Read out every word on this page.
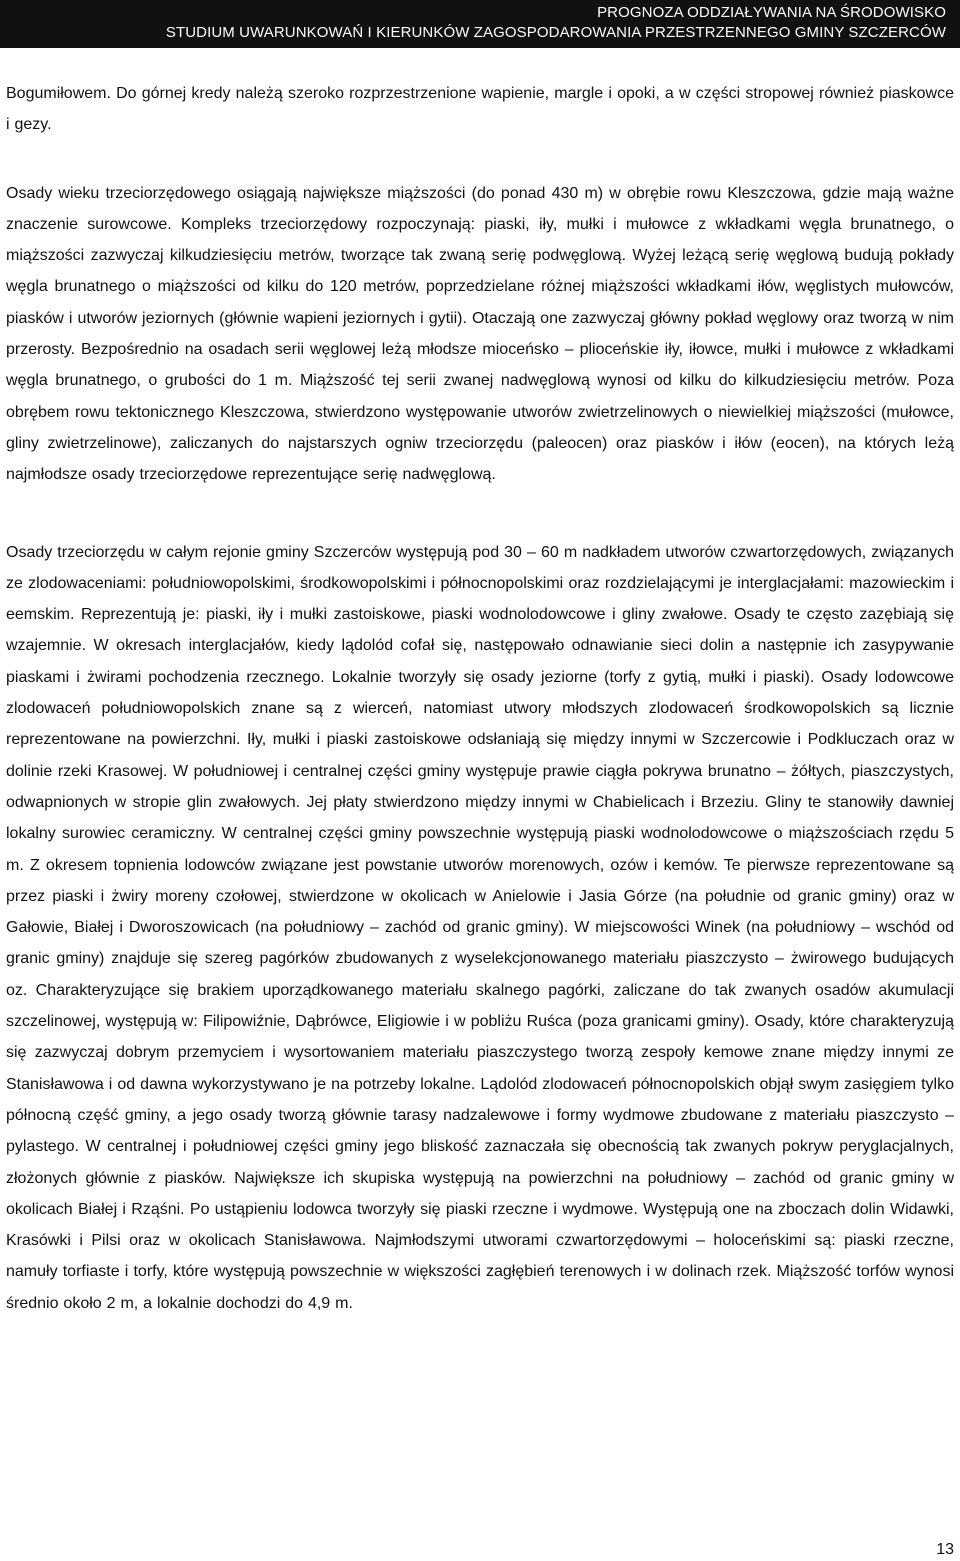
PROGNOZA ODDZIAŁYWANIA NA ŚRODOWISKO
STUDIUM UWARUNKOWAŃ I KIERUNKÓW ZAGOSPODAROWANIA PRZESTRZENNEGO GMINY SZCZERCÓW

Bogumiłowem. Do górnej kredy należą szeroko rozprzestrzenione wapienie, margle i opoki, a w części stropowej również piaskowce i gezy.

Osady wieku trzeciorzędowego osiągają największe miąższości (do ponad 430 m) w obrębie rowu Kleszczowa, gdzie mają ważne znaczenie surowcowe. Kompleks trzeciorzędowy rozpoczynają: piaski, iły, mułki i mułowce z wkładkami węgla brunatnego, o miąższości zazwyczaj kilkudziesięciu metrów, tworzące tak zwaną serię podwęglową. Wyżej leżącą serię węglową budują pokłady węgla brunatnego o miąższości od kilku do 120 metrów, poprzedzielane różnej miąższości wkładkami iłów, węglistych mułowców, piasków i utworów jeziornych (głównie wapieni jeziornych i gytii). Otaczają one zazwyczaj główny pokład węglowy oraz tworzą w nim przerosty. Bezpośrednio na osadach serii węglowej leżą młodsze mioceńsko – plioceńskie iły, iłowce, mułki i mułowce z wkładkami węgla brunatnego, o grubości do 1 m. Miąższość tej serii zwanej nadwęglową wynosi od kilku do kilkudziesięciu metrów. Poza obrębem rowu tektonicznego Kleszczowa, stwierdzono występowanie utworów zwietrzelinowych o niewielkiej miąższości (mułowce, gliny zwietrzelinowe), zaliczanych do najstarszych ogniw trzeciorzędu (paleocen) oraz piasków i iłów (eocen), na których leżą najmłodsze osady trzeciorzędowe reprezentujące serię nadwęglową.

Osady trzeciorzędu w całym rejonie gminy Szczerców występują pod 30 – 60 m nadkładem utworów czwartorzędowych, związanych ze zlodowaceniami: południowopolskimi, środkowopolskimi i północnopolskimi oraz rozdzielającymi je interglacjałami: mazowieckim i eemskim. Reprezentują je: piaski, iły i mułki zastoiskowe, piaski wodnolodowcowe i gliny zwałowe. Osady te często zazębiają się wzajemnie. W okresach interglacjałów, kiedy lądolód cofał się, następowało odnawianie sieci dolin a następnie ich zasypywanie piaskami i żwirami pochodzenia rzecznego. Lokalnie tworzyły się osady jeziorne (torfy z gytią, mułki i piaski). Osady lodowcowe zlodowaceń południowopolskich znane są z wierceń, natomiast utwory młodszych zlodowaceń środkowopolskich są licznie reprezentowane na powierzchni. Iły, mułki i piaski zastoiskowe odsłaniają się między innymi w Szczercowie i Podkluczach oraz w dolinie rzeki Krasowej. W południowej i centralnej części gminy występuje prawie ciągła pokrywa brunatno – żółtych, piaszczystych, odwapnionych w stropie glin zwałowych. Jej płaty stwierdzono między innymi w Chabielicach i Brzeziu. Gliny te stanowiły dawniej lokalny surowiec ceramiczny. W centralnej części gminy powszechnie występują piaski wodnolodowcowe o miąższościach rzędu 5 m. Z okresem topnienia lodowców związane jest powstanie utworów morenowych, ozów i kemów. Te pierwsze reprezentowane są przez piaski i żwiry moreny czołowej, stwierdzone w okolicach w Anielowie i Jasia Górze (na południe od granic gminy) oraz w Gałowie, Białej i Dworoszowicach (na południowy – zachód od granic gminy). W miejscowości Winek (na południowy – wschód od granic gminy) znajduje się szereg pagórków zbudowanych z wyselekcjonowanego materiału piaszczysto – żwirowego budujących oz. Charakteryzujące się brakiem uporządkowanego materiału skalnego pagórki, zaliczane do tak zwanych osadów akumulacji szczelinowej, występują w: Filipowiźnie, Dąbrówce, Eligiowie i w pobliżu Ruśca (poza granicami gminy). Osady, które charakteryzują się zazwyczaj dobrym przemyciem i wysortowaniem materiału piaszczystego tworzą zespoły kemowe znane między innymi ze Stanisławowa i od dawna wykorzystywano je na potrzeby lokalne. Lądolód zlodowaceń północnopolskich objął swym zasięgiem tylko północną część gminy, a jego osady tworzą głównie tarasy nadzalewowe i formy wydmowe zbudowane z materiału piaszczysto – pylastego. W centralnej i południowej części gminy jego bliskość zaznaczała się obecnością tak zwanych pokryw peryglacjalnych, złożonych głównie z piasków. Największe ich skupiska występują na powierzchni na południowy – zachód od granic gminy w okolicach Białej i Rząśni. Po ustąpieniu lodowca tworzyły się piaski rzeczne i wydmowe. Występują one na zboczach dolin Widawki, Krasówki i Pilsi oraz w okolicach Stanisławowa. Najmłodszymi utworami czwartorzędowymi – holoceńskimi są: piaski rzeczne, namuły torfiaste i torfy, które występują powszechnie w większości zagłębień terenowych i w dolinach rzek. Miąższość torfów wynosi średnio około 2 m, a lokalnie dochodzi do 4,9 m.

13
